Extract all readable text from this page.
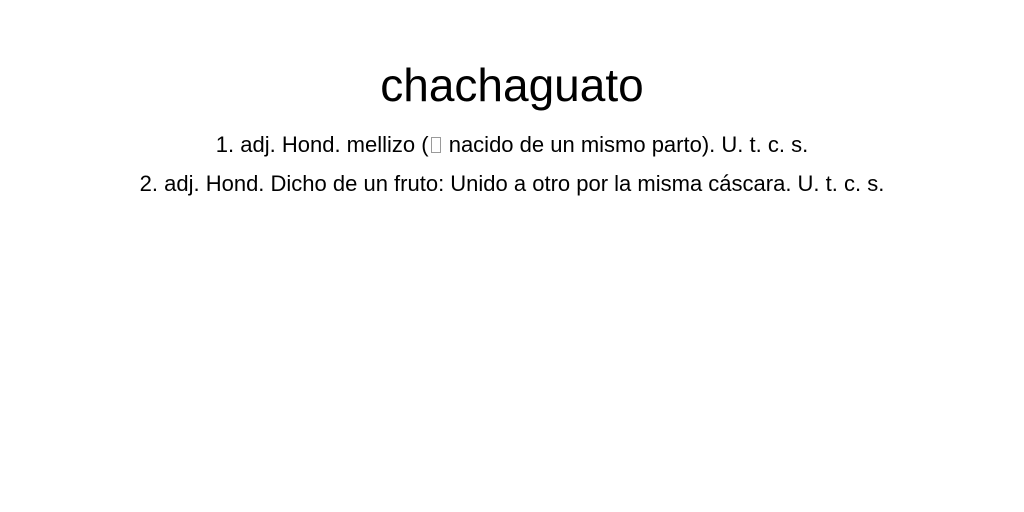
chachaguato
1. adj. Hond. mellizo ( nacido de un mismo parto). U. t. c. s.
2. adj. Hond. Dicho de un fruto: Unido a otro por la misma cáscara. U. t. c. s.
